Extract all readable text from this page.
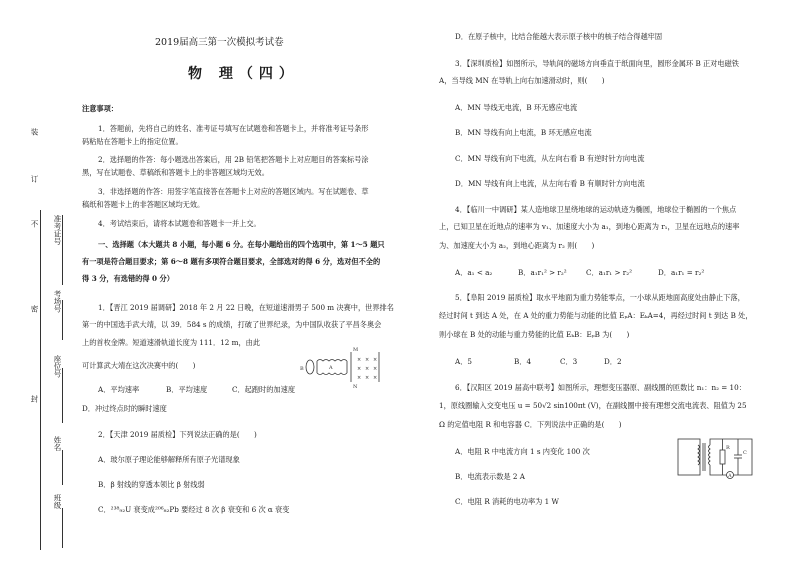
装
订
不
密
封
准考证号
考场号
座位号
姓名
班级
2019届高三第一次模拟考试卷
物 理（四）
注意事项：
1．答题前，先将自己的姓名、准考证号填写在试题卷和答题卡上，并将准考证号条形
码粘贴在答题卡上的指定位置。
2．选择题的作答：每小题选出答案后，用 2B 铅笔把答题卡上对应题目的答案标号涂
黑，写在试题卷、草稿纸和答题卡上的非答题区域均无效。
3．非选择题的作答：用签字笔直接答在答题卡上对应的答题区域内。写在试题卷、草
稿纸和答题卡上的非答题区域均无效。
4．考试结束后，请将本试题卷和答题卡一并上交。
一、选择题（本大题共 8 小题，每小题 6 分。在每小题给出的四个选项中，第 1～5 题只
有一项是符合题目要求；第 6～8 题有多项符合题目要求，全部选对的得 6 分，选对但不全的
得 3 分，有选错的得 0 分）
1．【晋江 2019 届调研】2018 年 2 月 22 日晚，在短道速滑男子 500 m 决赛中，世界排名
第一的中国选手武大靖，以 39．584 s 的成绩，打破了世界纪录，为中国队收获了平昌冬奥会
上的首枚金牌。短道速滑轨道长度为 111．12 m，由此
可计算武大靖在这次决赛中的(　　)
× × ×
× × ×
× × ×
B	A
M
N
A．平均速率	B．平均速度	C．起跑时的加速度
D．冲过终点时的瞬时速度
2．【天津 2019 届质检】下列说法正确的是(　　)
A．玻尔原子理论能够解释所有原子光谱现象
B．β 射线的穿透本领比 β 射线弱
C．²³⁸₉₂U 衰变成²⁰⁶₈₂Pb 要经过 8 次 β 衰变和 6 次 α 衰变
D．在原子核中，比结合能越大表示原子核中的核子结合得越牢固
3．【深圳质检】如图所示，导轨间的磁场方向垂直于纸面向里，圆形金属环 B 正对电磁铁
A，当导线 MN 在导轨上向右加速滑动时，则(　　)
A．MN 导线无电流，B 环无感应电流
B．MN 导线有向上电流，B 环无感应电流
C．MN 导线有向下电流，从左向右看 B 有逆时针方向电流
D．MN 导线有向上电流，从左向右看 B 有顺时针方向电流
4．【临川一中调研】某人造地球卫星绕地球的运动轨迹为椭圆，地球位于椭圆的一个焦点
上，已知卫星在近地点的速率为 v₁、加速度大小为 a₁，到地心距离为 r₁，卫星在远地点的速率
为、加速度大小为 a₂，到地心距离为 r₂ 则(　　)
A．a₁ < a₂	B．a₁r₁² > r₂²	C．a₁r₁ > r₂²	D．a₁r₁ = r₂²
5．【阜阳 2019 届质检】取水平地面为重力势能零点，一小球从距地面高度处由静止下落，
经过时间 t 到达 A 处，在 A 处的重力势能与动能的比值 EₚA：EₖA=4，再经过时间 t 到达 B 处，
则小球在 B 处的动能与重力势能的比值 EₖB：EₚB 为(　　)
A．5	B．4	C．3	D．2
6．【汉阳区 2019 届高中联考】如图所示，理想变压器原、副线圈的匝数比 n₁：n₂ = 10：
1，原线圈输入交变电压 u = 50√2 sin100πt (V)，在副线圈中接有理想交流电流表、阻值为 25
Ω 的定值电阻 R 和电容器 C．下列说法中正确的是(　　)
A．电阻 R 中电流方向 1 s 内变化 100 次
B．电流表示数是 2 A
C．电阻 R 消耗的电功率为 1 W
R
C
A
